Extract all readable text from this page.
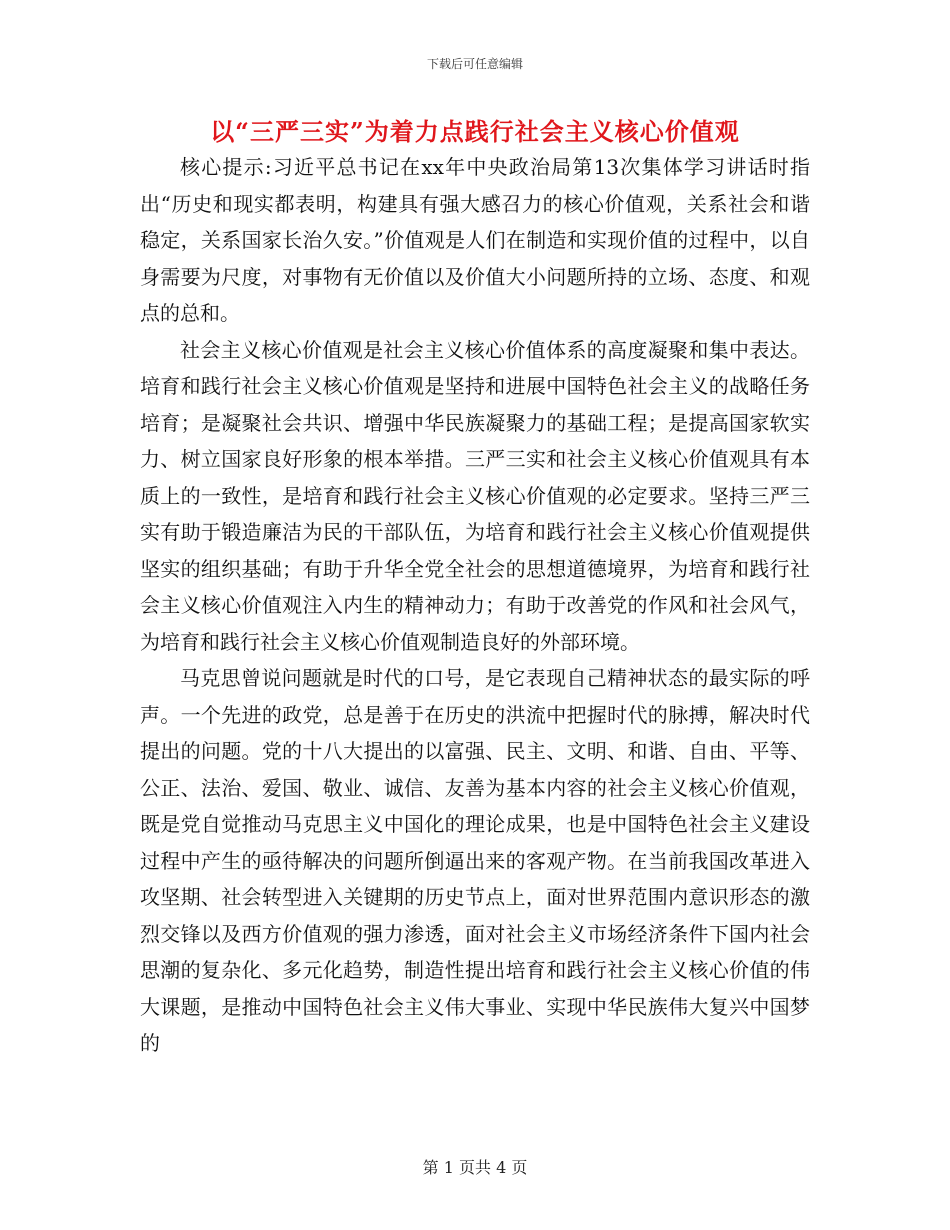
下载后可任意编辑
以“三严三实”为着力点践行社会主义核心价值观

核心提示:习近平总书记在xx年中央政治局第13次集体学习讲话时指出“历史和现实都表明，构建具有强大感召力的核心价值观，关系社会和谐稳定，关系国家长治久安。”价值观是人们在制造和实现价值的过程中，以自身需要为尺度，对事物有无价值以及价值大小问题所持的立场、态度、和观点的总和。

社会主义核心价值观是社会主义核心价值体系的高度凝聚和集中表达。培育和践行社会主义核心价值观是坚持和进展中国特色社会主义的战略任务培育；是凝聚社会共识、增强中华民族凝聚力的基础工程；是提高国家软实力、树立国家良好形象的根本举措。三严三实和社会主义核心价值观具有本质上的一致性，是培育和践行社会主义核心价值观的必定要求。坚持三严三实有助于锻造廉洁为民的干部队伍，为培育和践行社会主义核心价值观提供坚实的组织基础；有助于升华全党全社会的思想道德境界，为培育和践行社会主义核心价值观注入内生的精神动力；有助于改善党的作风和社会风气，为培育和践行社会主义核心价值观制造良好的外部环境。

马克思曾说问题就是时代的口号，是它表现自己精神状态的最实际的呼声。一个先进的政党，总是善于在历史的洪流中把握时代的脉搏，解决时代提出的问题。党的十八大提出的以富强、民主、文明、和谐、自由、平等、公正、法治、爱国、敬业、诚信、友善为基本内容的社会主义核心价值观，既是党自觉推动马克思主义中国化的理论成果，也是中国特色社会主义建设过程中产生的亟待解决的问题所倒逼出来的客观产物。在当前我国改革进入攻坚期、社会转型进入关键期的历史节点上，面对世界范围内意识形态的激烈交锋以及西方价值观的强力渗透，面对社会主义市场经济条件下国内社会思潮的复杂化、多元化趋势，制造性提出培育和践行社会主义核心价值的伟大课题，是推动中国特色社会主义伟大事业、实现中华民族伟大复兴中国梦的

第 1 页共 4 页
